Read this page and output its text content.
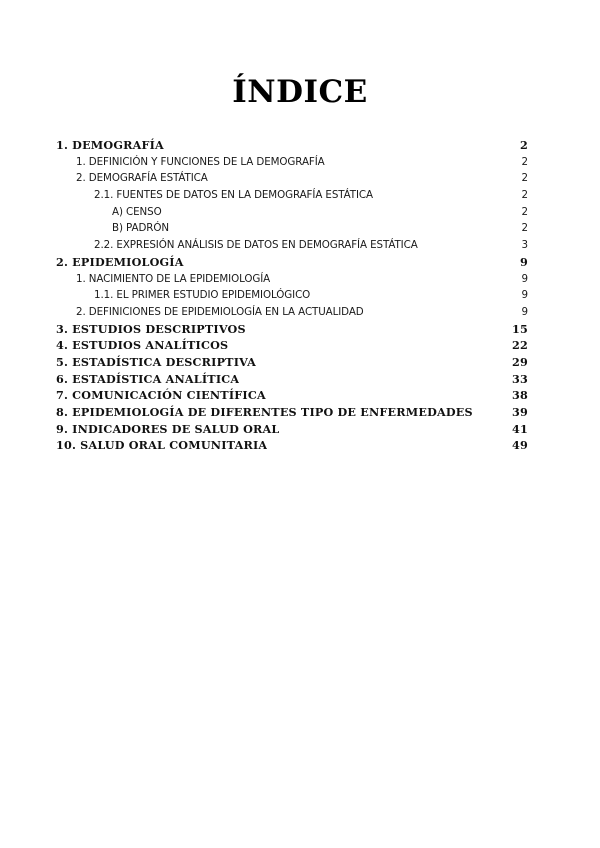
ÍNDICE
1. DEMOGRAFÍA	2
1. DEFINICIÓN Y FUNCIONES DE LA DEMOGRAFÍA	2
2. DEMOGRAFÍA ESTÁTICA	2
2.1. FUENTES DE DATOS EN LA DEMOGRAFÍA ESTÁTICA	2
A) CENSO	2
B) PADRÓN	2
2.2. EXPRESIÓN ANÁLISIS DE DATOS EN DEMOGRAFÍA ESTÁTICA	3
2. EPIDEMIOLOGÍA	9
1. NACIMIENTO DE LA EPIDEMIOLOGÍA	9
1.1. EL PRIMER ESTUDIO EPIDEMIOLÓGICO	9
2. DEFINICIONES DE EPIDEMIOLOGÍA EN LA ACTUALIDAD	9
3. ESTUDIOS DESCRIPTIVOS	15
4. ESTUDIOS ANALÍTICOS	22
5. ESTADÍSTICA DESCRIPTIVA	29
6. ESTADÍSTICA ANALÍTICA	33
7. COMUNICACIÓN CIENTÍFICA	38
8. EPIDEMIOLOGÍA DE DIFERENTES TIPO DE ENFERMEDADES	39
9. INDICADORES DE SALUD ORAL	41
10. SALUD ORAL COMUNITARIA	49
